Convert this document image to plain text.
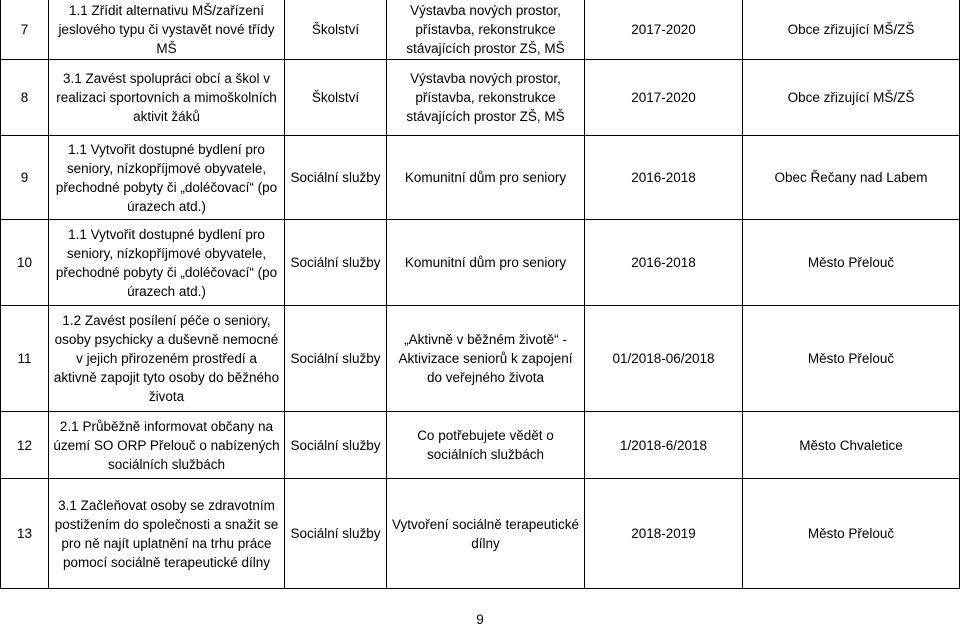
7	1.1 Zřídit alternativu MŠ/zařízení jeslového typu či vystavět nové třídy MŠ	Školství	Výstavba nových prostor, přístavba, rekonstrukce stávajících prostor ZŠ, MŠ	2017-2020	Obce zřizující MŠ/ZŠ
8	3.1 Zavést spolupráci obcí a škol v realizaci sportovních a mimoškolních aktivit žáků	Školství	Výstavba nových prostor, přístavba, rekonstrukce stávajících prostor ZŠ, MŠ	2017-2020	Obce zřizující MŠ/ZŠ
9	1.1 Vytvořit dostupné bydlení pro seniory, nízkopříjmové obyvatele, přechodné pobyty či „doléčovací“ (po úrazech atd.)	Sociální služby	Komunitní dům pro seniory	2016-2018	Obec Řečany nad Labem
10	1.1 Vytvořit dostupné bydlení pro seniory, nízkopříjmové obyvatele, přechodné pobyty či „doléčovací“ (po úrazech atd.)	Sociální služby	Komunitní dům pro seniory	2016-2018	Město Přelouč
11	1.2 Zavést posílení péče o seniory, osoby psychicky a duševně nemocné v jejich přirozeném prostředí a aktivně zapojit tyto osoby do běžného života	Sociální služby	„Aktivně v běžném životě“ - Aktivizace seniorů k zapojení do veřejného života	01/2018-06/2018	Město Přelouč
12	2.1 Průběžně informovat občany na území SO ORP Přelouč o nabízených sociálních službách	Sociální služby	Co potřebujete vědět o sociálních službách	1/2018-6/2018	Město Chvaletice
13	3.1 Začleňovat osoby se zdravotním postižením do společnosti a snažit se pro ně najít uplatnění na trhu práce pomocí sociálně terapeutické dílny	Sociální služby	Vytvoření sociálně terapeutické dílny	2018-2019	Město Přelouč
9
